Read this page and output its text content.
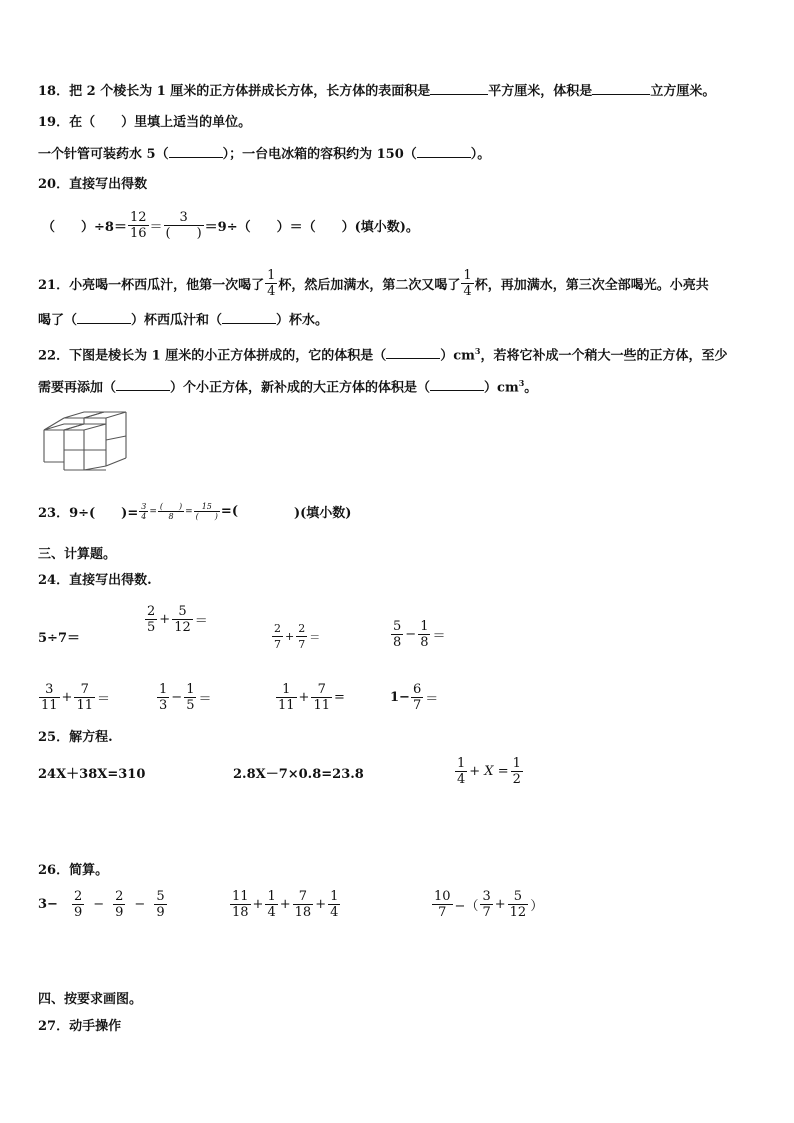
18．把 2 个棱长为 1 厘米的正方体拼成长方体，长方体的表面积是	平方厘米，体积是	立方厘米。
19．在（　　）里填上适当的单位。
一个针管可装药水 5（	）；一台电冰箱的容积约为 150（	）。
20．直接写出得数
（　　）$\div 8= \frac{12}{16} = \frac{3}{( )} =9\div$（　　）＝（　　）(填小数)。
21． 小亮喝一杯西瓜汁，他第一次喝了 $\frac{1}{4}$ 杯，然后加满水，第二次又喝了 $\frac{1}{4}$ 杯，再加满水，第三次全部喝光。小亮共
喝了（	）杯西瓜汁和（	）杯水。
22．下图是棱长为 1 厘米的小正方体拼成的，它的体积是（	）$cm^3$，若将它补成一个稍大一些的正方体，至少
需要再添加（	）个小正方体，新补成的大正方体的体积是（	）$cm^3$。
23． 9÷(　　)= $\frac{3}{4} = \frac{( )}{8} = \frac{15}{( )}$ =(	)(填小数)
三、计算题。
24．直接写出得数.
5÷7＝
$\frac{2}{5} + \frac{5}{12}$ ＝	$\frac{2}{7} + \frac{2}{7}$ ＝	$\frac{5}{8} - \frac{1}{8}$ ＝
$\frac{3}{11} + \frac{7}{11}$ ＝	$\frac{1}{3} - \frac{1}{5}$ ＝	$\frac{1}{11} + \frac{7}{11}$ =	$1- \frac{6}{7}$ ＝
25．解方程.
24X＋38X=310	2.8X－7×0.8=23.8	$\frac{1}{4} + X = \frac{1}{2}$
26．简算。
$3- \frac{2}{9} - \frac{2}{9} - \frac{5}{9}$	$\frac{11}{18} + \frac{1}{4} + \frac{7}{18} + \frac{1}{4}$	$\frac{10}{7}$ −（ $\frac{3}{7} + \frac{5}{12}$ ）
四、按要求画图。
27．动手操作
